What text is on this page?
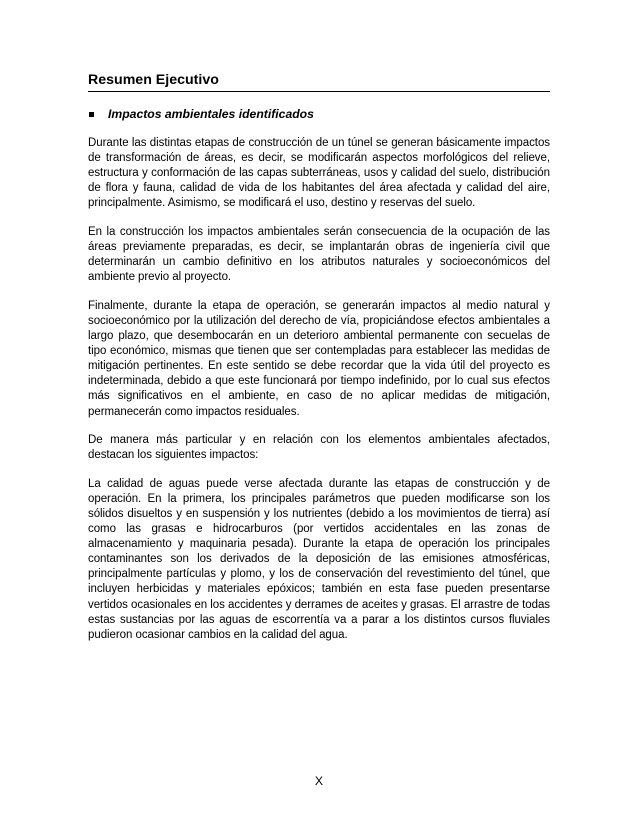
Resumen Ejecutivo
Impactos ambientales identificados

Durante las distintas etapas de construcción de un túnel se generan básicamente impactos de transformación de áreas, es decir, se modificarán aspectos morfológicos del relieve, estructura y conformación de las capas subterráneas, usos y calidad del suelo, distribución de flora y fauna, calidad de vida de los habitantes del área afectada y calidad del aire, principalmente. Asimismo, se modificará el uso, destino y reservas del suelo.

En la construcción los impactos ambientales serán consecuencia de la ocupación de las áreas previamente preparadas, es decir, se implantarán obras de ingeniería civil que determinarán un cambio definitivo en los atributos naturales y socioeconómicos del ambiente previo al proyecto.

Finalmente, durante la etapa de operación, se generarán impactos al medio natural y socioeconómico por la utilización del derecho de vía, propiciándose efectos ambientales a largo plazo, que desembocarán en un deterioro ambiental permanente con secuelas de tipo económico, mismas que tienen que ser contempladas para establecer las medidas de mitigación pertinentes. En este sentido se debe recordar que la vida útil del proyecto es indeterminada, debido a que este funcionará por tiempo indefinido, por lo cual sus efectos más significativos en el ambiente, en caso de no aplicar medidas de mitigación, permanecerán como impactos residuales.

De manera más particular y en relación con los elementos ambientales afectados, destacan los siguientes impactos:

La calidad de aguas puede verse afectada durante las etapas de construcción y de operación. En la primera, los principales parámetros que pueden modificarse son los sólidos disueltos y en suspensión y los nutrientes (debido a los movimientos de tierra) así como las grasas e hidrocarburos (por vertidos accidentales en las zonas de almacenamiento y maquinaria pesada). Durante la etapa de operación los principales contaminantes son los derivados de la deposición de las emisiones atmosféricas, principalmente partículas y plomo, y los de conservación del revestimiento del túnel, que incluyen herbicidas y materiales epóxicos; también en esta fase pueden presentarse vertidos ocasionales en los accidentes y derrames de aceites y grasas. El arrastre de todas estas sustancias por las aguas de escorrentía va a parar a los distintos cursos fluviales pudieron ocasionar cambios en la calidad del agua.

X
